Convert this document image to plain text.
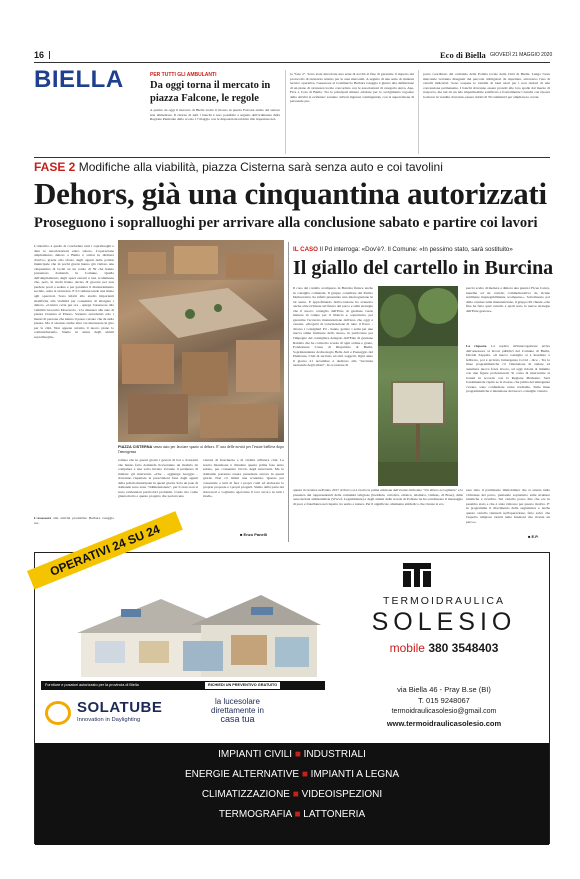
16	Eco di Biella GIOVEDÌ 21 MAGGIO 2020
BIELLA	PER TUTTI GLI AMBULANTI
Da oggi torna il mercato in piazza Falcone, le regole
A partire da oggi il mercato di Biella vedrà il ritorno in piazza Falcone anche del settore non alimentare. Il ritorno di tutti i banchi è reso possibile a seguito dell'ordinanza della Regione Piemonte dello scorso 17 maggio con le disposizioni relative alle riaperture nel-
la "fase 2". Sono state introdotte una serie di novità al fine di garantire il rispetto del protocollo di sicurezza redatto per le aree mercatali. A seguito di una serie di riunioni tecnico operative, l'assessore al Commercio Barbara Greggio è giunto alla definizione di un piano di sicurezza locale concordato con le associazioni di categoria Anva, Apa, Fiva e Coia di Biella. Tra le principali misure adottate per lo svolgimento regolare delle attività si evidenza: saranno attivati ingressi contingentati, con la supervisione di personale pre-
posto coordinato dal comando della Polizia locale della Città di Biella. Lungo l'area mercatale verranno disegnati dei percorsi obbligatori da rispettare, attraverso l'uso di cartelli indicativi. Sono sospese le vendite di beni usati per i non titolari di una concessione permanente. I banchi dovranno essere protetti alle loro spalle dal mezzo di trasporto, ma lati da un telo impermeabile sanificato e frontalmente i banchi con riposta la merce in vendita dovranno essere ridotti di 50 centimetri per ampliare le corsie.
FASE 2 Modifiche alla viabilità, piazza Cisterna sarà senza auto e coi tavolini
Dehors, già una cinquantina autorizzati
Proseguono i sopralluoghi per arrivare alla conclusione sabato e partire coi lavori
L'obiettivo è quello di concludere tutti i sopralluoghi e dare le autorizzazioni entro sabato. L'operazione ampliamento dehors a Biella è ormai in dirittura d'arrivo, grazie allo sforzo degli agenti della polizia municipale che in pochi giorni hanno già visitato una cinquantina di locali su un totale di 59 che hanno presentato domanda in Comune. Quella dell'ampliamento degli spazi esterni è una scommessa che, però, in molti hanno deciso di giocare per non perdere posti a sedere e per garantire il distanziamento sociale, ossia la sicurezza. E il Comune tende una mano agli operatori. Sono infatti allo studio importanti modifiche alla viabilità per consentire di allargare i dehors. «L'unica certa per ora - spiega l'assessore alla viabilità Giacomo Moscarola - è la chiusura alle auto di piazza Cisterna al Piazzo. Saranno autorizzati solo i mezzi di persone che hanno il passo carraio che da sulla piazza. Ma ci saranno anche altre vie interessate in giro per la città. Non appena avremo il nuovo piano lo comunicheremo. Siamo in attesa degli ultimi sopralluoghi».
L'assessore alle attività produttive Barbara Greggio sot-
PIAZZA CISTERNA senza auto per lasciare spazio ai dehors. E' una delle novità per l'estate biellese dopo l'emergenza
tolinea che in questi giorni i gestori di bar e ristoranti che hanno fatto domanda riceveranno un modulo da compilare e una volta inviato avranno il permesso di iniziare gli interventi. «Che - aggiunge Greggio - dovranno rispettare le prescrizioni fatte dagli agenti della polizia municipale in questi giorni. Solo un paio di domande sono state "ridimensionate", per il resto non si sono evidenziati particolari problemi. Credo mo come giusta molto a questo progetto che porterà una
ventata di freschezza e di vitalità all'intera città. La nostra intenzione è chiudere questa prima fase entro sabato, per consentire l'avvio degli interventi. Ma le domande potranno essere presentate ancora in questi giorni. Non c'è infatti una scadenza. Questo per consentire a tutti di fare i propri conti ed elaborare le proprie proposte e i propri progetti. Siamo dalla parte dei ristoratori e vogliamo agevolare il loro lavoro in tutti i modi».
■ Enzo Panelli
IL CASO Il Pd interroga: «Dov'è?. Il Comune: «In pessimo stato, sarà sostituito»
Il giallo del cartello in Burcina
Il caso del cartello scomparso in Burcina finisce anche in consiglio comunale. Il gruppo consiliare del Partito Democratico ha infatti presentato una interrogazione in tal senso. E approfittando dell'occasione ha avanzato anche altre richieste sul futuro del parco e sulle strategie che il nuovo consiglio dell'Ente di gestione vuole mettere in campo per il rilancio e, soprattutto, per garantire l'accurata manutenzione dell'area che oggi è carente. «Progetti di valorizzazione di tutto il Parco - dicono i consiglieri Pd - hanno gettato i semi per una nuova stima fruizione dello stesso, in particolare per l'impegno del consigliere delegato dell'Ente di gestione Rabella che ha coinvolto scuole di ogni ordine e grado, Fondazione Cassa di Risparmio di Biella, Soprintendenza Archeologia Belle Arti e Paesaggio del Piemonte, Club di servizio ed altri soggetti. Ogni anno il giorno 21 novembre è dedicato alla "Giornata nazionale degli alberi". In occasione di
questa ricorrenza nell'anno 2017 al Parco si è svolta la prima edizione dell'evento intitolato "Un albero accogliente" e la presenza dei rappresentanti delle comunità religiose (buddista, cattolica, ebraica, islamica, valdese, di Bose), delle associazioni ambientaliste (Wwwf, Legambiente) e degli alunni delle scuole di Pollone ne ha sottolineato il messaggio di pace e fratellanza nel rispetto tra uomo e natura. Per il significato altamente simbolico che riveste si era
perciò scelto di mettere a dimora una pianta i Ficus Carica, insieme ad un cartello commemorativo da alcune settimane inspiegabilmente scomparso». Sottolineato poi delle carenze sulla manutenzione, il gruppo Pd chiede «che fine ha fatto quel cartello e quali sono le nuove strategie dell'Ente gestore».
La risposta. La replica all'interrogazione arriva dall'assessore ai lavori pubblici del Comune di Biella, Davide Zappalà. «Il nuovo consiglio si è insediato a febbraio, poi è arrivata l'emergenza Covid - dice - Tra le linee programmatiche c'è l'intenzione di andare ad assumere nuova forza lavoro, ad oggi ridotta al minimo con due figure professionali. Si conta di intervenire ai trattati in accordo con la Regione Piemonte. Sarà fondamentale capire se le risorse, che prima del emergenza c'erano, sono confermate come crediamo. Sulle linee programmatiche è intenzione del nuovo consiglio valoriz-
zare tutto il patrimonio immobiliare che si attesta nelle vicinanze del parco, puntando soprattutto sulle strutture turistiche e ricettive. Sul cartello posso dire che era in pessimo stato e che è stato rimosso per questo motivo. E' in programma il rifacimento della segnaletica e anche questo cartello rientrerà nell'operazione, fatto salvo che l'aspetto religioso rientri nelle funzioni che riveste un parco».
■ E.P.
OPERATIVI 24 SU 24
Forniture e posatori autorizzato per la provincia di Biella	RICHIEDI UN PREVENTIVO GRATUITO
SOLATUBE
Innovation in Daylighting
la lucesolare
direttamente in
casa tua
TERMOIDRAULICA
SOLESIO
mobile 380 3548403
via Biella 46 - Pray B.se (BI)
T. 015 9248067
termoidraulicasolesio@gmail.com
www.termoidraulicasolesio.com
IMPIANTI CIVILI ■ INDUSTRIALI
ENERGIE ALTERNATIVE ■ IMPIANTI A LEGNA
CLIMATIZZAZIONE ■ VIDEOISPEZIONI
TERMOGRAFIA ■ LATTONERIA
